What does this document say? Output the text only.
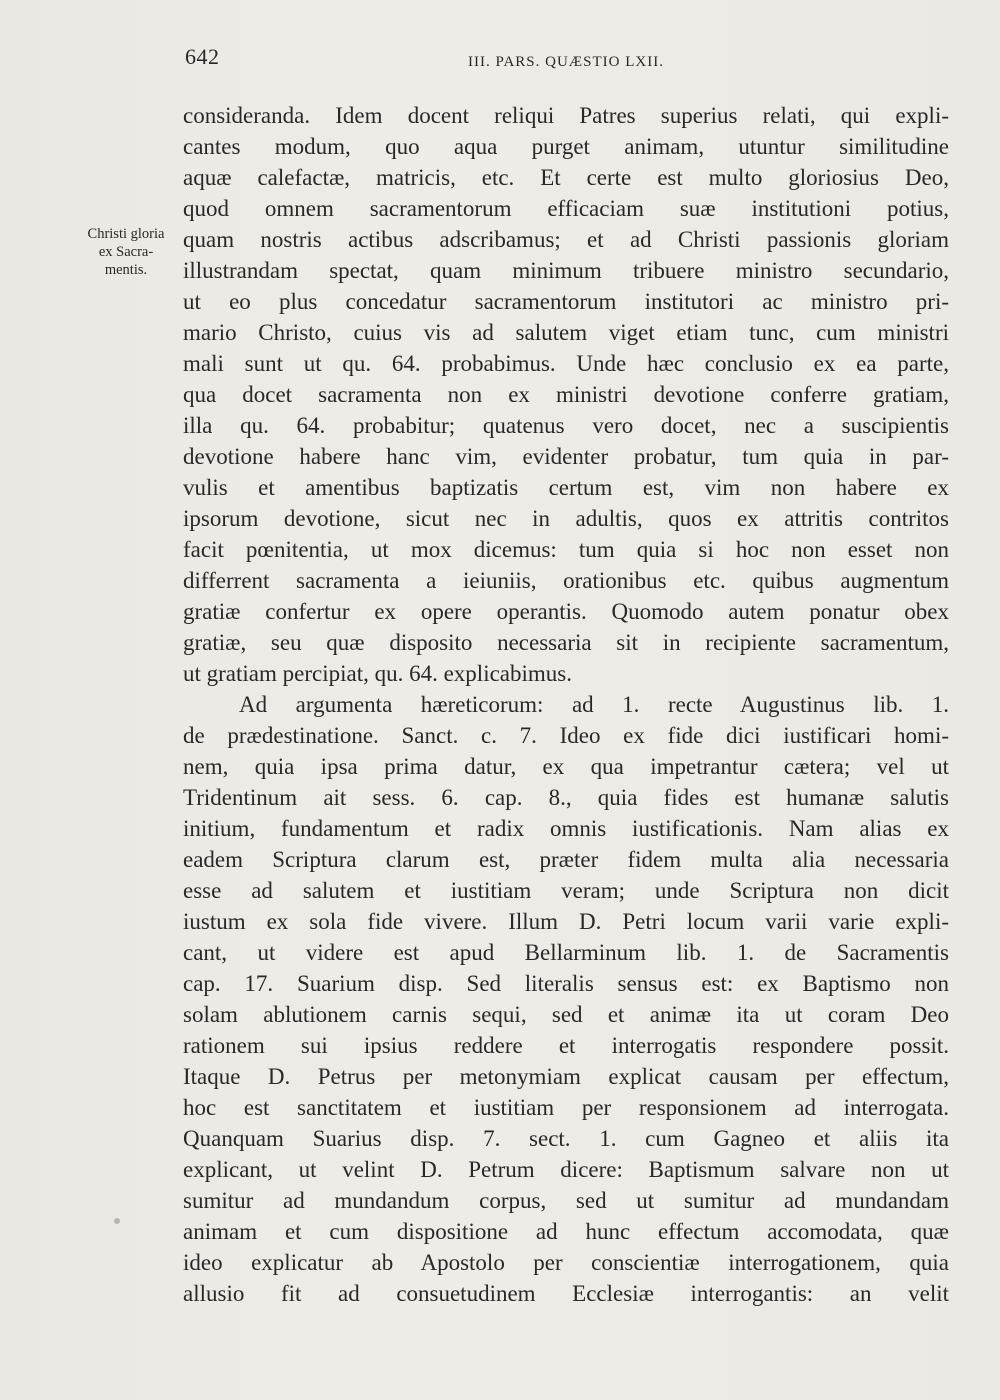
642	III. PARS. QUÆSTIO LXII.
Christi gloria
ex Sacra-
mentis.
consideranda. Idem docent reliqui Patres superius relati, qui expli-
cantes modum, quo aqua purget animam, utuntur similitudine
aquæ calefactæ, matricis, etc. Et certe est multo gloriosius Deo,
quod omnem sacramentorum efficaciam suæ institutioni potius,
quam nostris actibus adscribamus; et ad Christi passionis gloriam
illustrandam spectat, quam minimum tribuere ministro secundario,
ut eo plus concedatur sacramentorum institutori ac ministro pri-
mario Christo, cuius vis ad salutem viget etiam tunc, cum ministri
mali sunt ut qu. 64. probabimus. Unde hæc conclusio ex ea parte,
qua docet sacramenta non ex ministri devotione conferre gratiam,
illa qu. 64. probabitur; quatenus vero docet, nec a suscipientis
devotione habere hanc vim, evidenter probatur, tum quia in par-
vulis et amentibus baptizatis certum est, vim non habere ex
ipsorum devotione, sicut nec in adultis, quos ex attritis contritos
facit pœnitentia, ut mox dicemus: tum quia si hoc non esset non
differrent sacramenta a ieiuniis, orationibus etc. quibus augmentum
gratiæ confertur ex opere operantis. Quomodo autem ponatur obex
gratiæ, seu quæ disposito necessaria sit in recipiente sacramentum,
ut gratiam percipiat, qu. 64. explicabimus.
Ad argumenta hæreticorum: ad 1. recte Augustinus lib. 1.
de prædestinatione. Sanct. c. 7. Ideo ex fide dici iustificari homi-
nem, quia ipsa prima datur, ex qua impetrantur cætera; vel ut
Tridentinum ait sess. 6. cap. 8., quia fides est humanæ salutis
initium, fundamentum et radix omnis iustificationis. Nam alias ex
eadem Scriptura clarum est, præter fidem multa alia necessaria
esse ad salutem et iustitiam veram; unde Scriptura non dicit
iustum ex sola fide vivere. Illum D. Petri locum varii varie expli-
cant, ut videre est apud Bellarminum lib. 1. de Sacramentis
cap. 17. Suarium disp. Sed literalis sensus est: ex Baptismo non
solam ablutionem carnis sequi, sed et animæ ita ut coram Deo
rationem sui ipsius reddere et interrogatis respondere possit.
Itaque D. Petrus per metonymiam explicat causam per effectum,
hoc est sanctitatem et iustitiam per responsionem ad interrogata.
Quanquam Suarius disp. 7. sect. 1. cum Gagneo et aliis ita
explicant, ut velint D. Petrum dicere: Baptismum salvare non ut
sumitur ad mundandum corpus, sed ut sumitur ad mundandam
animam et cum dispositione ad hunc effectum accomodata, quæ
ideo explicatur ab Apostolo per conscientiæ interrogationem, quia
allusio fit ad consuetudinem Ecclesiæ interrogantis: an velit
